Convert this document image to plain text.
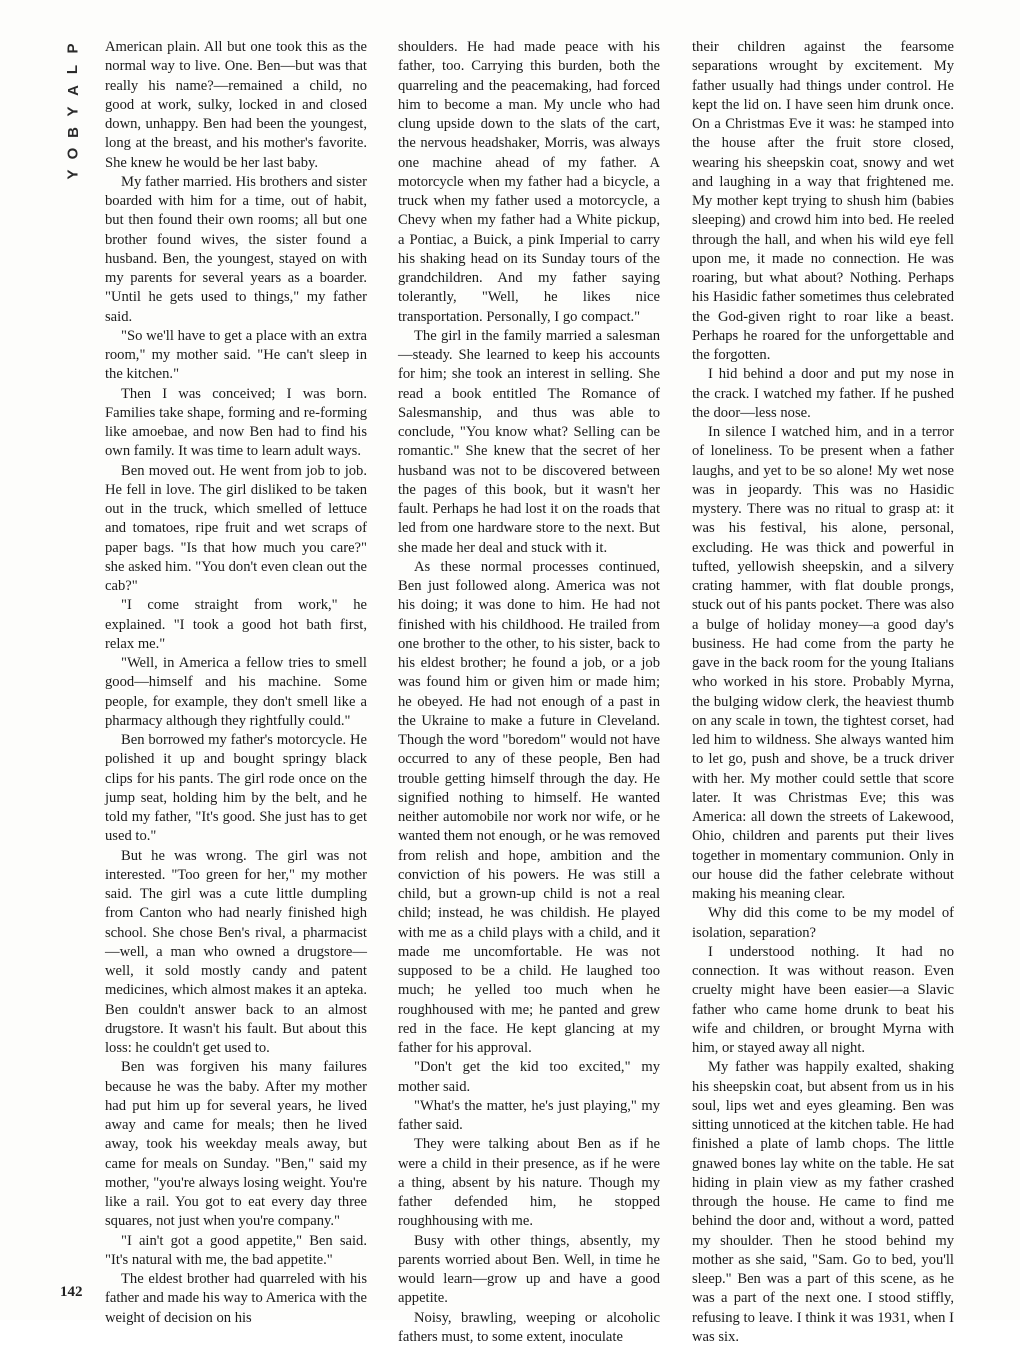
P
L
A
Y
B
O
Y

American plain. All but one took this as the normal way to live. One. Ben—but was that really his name?—remained a child, no good at work, sulky, locked in and closed down, unhappy. Ben had been the youngest, long at the breast, and his mother's favorite. She knew he would be her last baby.

My father married. His brothers and sister boarded with him for a time, out of habit, but then found their own rooms; all but one brother found wives, the sister found a husband. Ben, the youngest, stayed on with my parents for several years as a boarder. "Until he gets used to things," my father said.

"So we'll have to get a place with an extra room," my mother said. "He can't sleep in the kitchen."

Then I was conceived; I was born. Families take shape, forming and re-forming like amoebae, and now Ben had to find his own family. It was time to learn adult ways.

Ben moved out. He went from job to job. He fell in love. The girl disliked to be taken out in the truck, which smelled of lettuce and tomatoes, ripe fruit and wet scraps of paper bags. "Is that how much you care?" she asked him. "You don't even clean out the cab?"

"I come straight from work," he explained. "I took a good hot bath first, relax me."

"Well, in America a fellow tries to smell good—himself and his machine. Some people, for example, they don't smell like a pharmacy although they rightfully could."

Ben borrowed my father's motorcycle. He polished it up and bought springy black clips for his pants. The girl rode once on the jump seat, holding him by the belt, and he told my father, "It's good. She just has to get used to."

But he was wrong. The girl was not interested. "Too green for her," my mother said. The girl was a cute little dumpling from Canton who had nearly finished high school. She chose Ben's rival, a pharmacist—well, a man who owned a drugstore—well, it sold mostly candy and patent medicines, which almost makes it an apteka. Ben couldn't answer back to an almost drugstore. It wasn't his fault. But about this loss: he couldn't get used to.

Ben was forgiven his many failures because he was the baby. After my mother had put him up for several years, he lived away and came for meals; then he lived away, took his weekday meals away, but came for meals on Sunday. "Ben," said my mother, "you're always losing weight. You're like a rail. You got to eat every day three squares, not just when you're company."

"I ain't got a good appetite," Ben said. "It's natural with me, the bad appetite."

The eldest brother had quarreled with his father and made his way to America with the weight of decision on his

shoulders. He had made peace with his father, too. Carrying this burden, both the quarreling and the peacemaking, had forced him to become a man. My uncle who had clung upside down to the slats of the cart, the nervous headshaker, Morris, was always one machine ahead of my father. A motorcycle when my father had a bicycle, a truck when my father used a motorcycle, a Chevy when my father had a White pickup, a Pontiac, a Buick, a pink Imperial to carry his shaking head on its Sunday tours of the grandchildren. And my father saying tolerantly, "Well, he likes nice transportation. Personally, I go compact."

The girl in the family married a salesman—steady. She learned to keep his accounts for him; she took an interest in selling. She read a book entitled The Romance of Salesmanship, and thus was able to conclude, "You know what? Selling can be romantic." She knew that the secret of her husband was not to be discovered between the pages of this book, but it wasn't her fault. Perhaps he had lost it on the roads that led from one hardware store to the next. But she made her deal and stuck with it.

As these normal processes continued, Ben just followed along. America was not his doing; it was done to him. He had not finished with his childhood. He trailed from one brother to the other, to his sister, back to his eldest brother; he found a job, or a job was found him or given him or made him; he obeyed. He had not enough of a past in the Ukraine to make a future in Cleveland. Though the word "boredom" would not have occurred to any of these people, Ben had trouble getting himself through the day. He signified nothing to himself. He wanted neither automobile nor work nor wife, or he wanted them not enough, or he was removed from relish and hope, ambition and the conviction of his powers. He was still a child, but a grown-up child is not a real child; instead, he was childish. He played with me as a child plays with a child, and it made me uncomfortable. He was not supposed to be a child. He laughed too much; he yelled too much when he roughhoused with me; he panted and grew red in the face. He kept glancing at my father for his approval.

"Don't get the kid too excited," my mother said.

"What's the matter, he's just playing," my father said.

They were talking about Ben as if he were a child in their presence, as if he were a thing, absent by his nature. Though my father defended him, he stopped roughhousing with me.

Busy with other things, absently, my parents worried about Ben. Well, in time he would learn—grow up and have a good appetite.

Noisy, brawling, weeping or alcoholic fathers must, to some extent, inoculate

their children against the fearsome separations wrought by excitement. My father usually had things under control. He kept the lid on. I have seen him drunk once. On a Christmas Eve it was: he stamped into the house after the fruit store closed, wearing his sheepskin coat, snowy and wet and laughing in a way that frightened me. My mother kept trying to shush him (babies sleeping) and crowd him into bed. He reeled through the hall, and when his wild eye fell upon me, it made no connection. He was roaring, but what about? Nothing. Perhaps his Hasidic father sometimes thus celebrated the God-given right to roar like a beast. Perhaps he roared for the unforgettable and the forgotten.

I hid behind a door and put my nose in the crack. I watched my father. If he pushed the door—less nose.

In silence I watched him, and in a terror of loneliness. To be present when a father laughs, and yet to be so alone! My wet nose was in jeopardy. This was no Hasidic mystery. There was no ritual to grasp at: it was his festival, his alone, personal, excluding. He was thick and powerful in tufted, yellowish sheepskin, and a silvery crating hammer, with flat double prongs, stuck out of his pants pocket. There was also a bulge of holiday money—a good day's business. He had come from the party he gave in the back room for the young Italians who worked in his store. Probably Myrna, the bulging widow clerk, the heaviest thumb on any scale in town, the tightest corset, had led him to wildness. She always wanted him to let go, push and shove, be a truck driver with her. My mother could settle that score later. It was Christmas Eve; this was America: all down the streets of Lakewood, Ohio, children and parents put their lives together in momentary communion. Only in our house did the father celebrate without making his meaning clear.

Why did this come to be my model of isolation, separation?

I understood nothing. It had no connection. It was without reason. Even cruelty might have been easier—a Slavic father who came home drunk to beat his wife and children, or brought Myrna with him, or stayed away all night.

My father was happily exalted, shaking his sheepskin coat, but absent from us in his soul, lips wet and eyes gleaming. Ben was sitting unnoticed at the kitchen table. He had finished a plate of lamb chops. The little gnawed bones lay white on the table. He sat hiding in plain view as my father crashed through the house. He came to find me behind the door and, without a word, patted my shoulder. Then he stood behind my mother as she said, "Sam. Go to bed, you'll sleep." Ben was a part of this scene, as he was a part of the next one. I stood stiffly, refusing to leave. I think it was 1931, when I was six.

142
